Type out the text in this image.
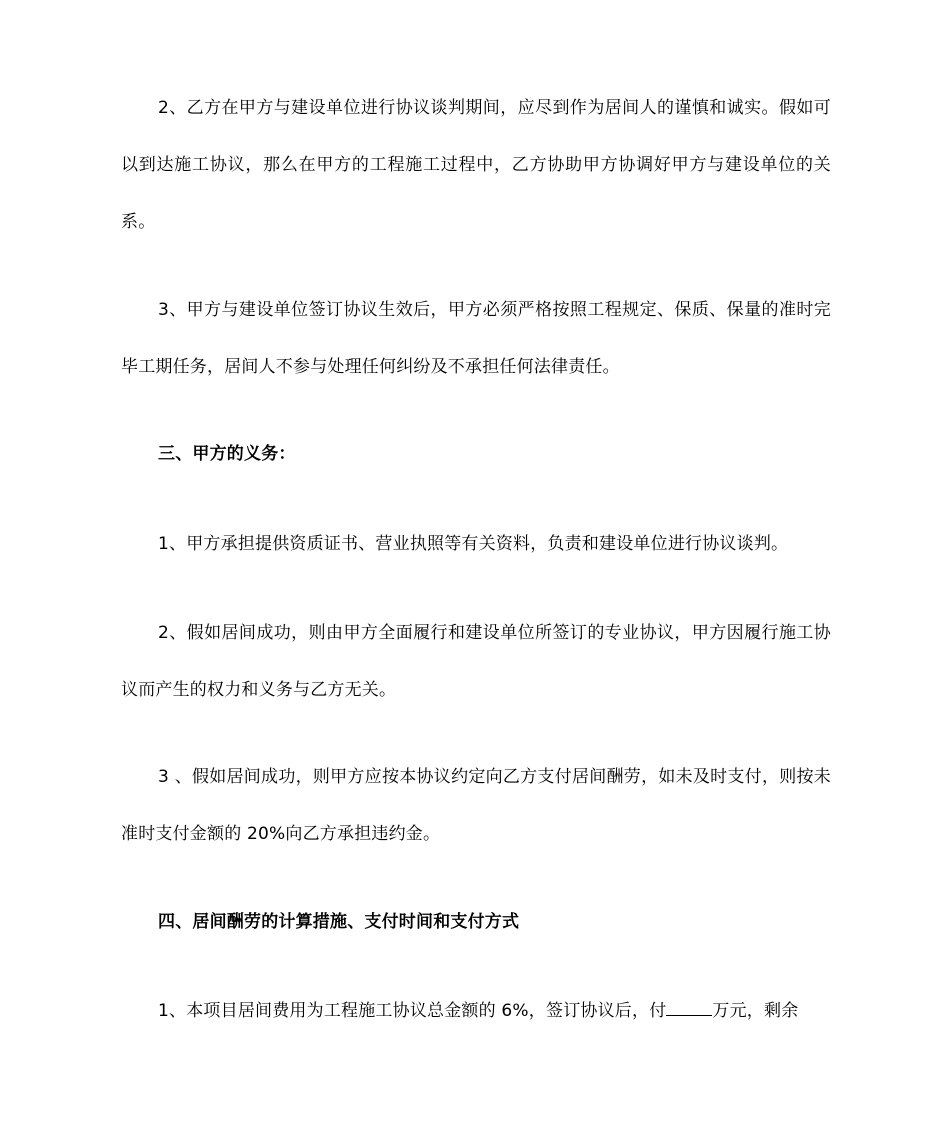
2、乙方在甲方与建设单位进行协议谈判期间，应尽到作为居间人的谨慎和诚实。假如可以到达施工协议，那么在甲方的工程施工过程中，乙方协助甲方协调好甲方与建设单位的关系。

3、甲方与建设单位签订协议生效后，甲方必须严格按照工程规定、保质、保量的准时完毕工期任务，居间人不参与处理任何纠纷及不承担任何法律责任。

三、甲方的义务：

1、甲方承担提供资质证书、营业执照等有关资料，负责和建设单位进行协议谈判。

2、假如居间成功，则由甲方全面履行和建设单位所签订的专业协议，甲方因履行施工协议而产生的权力和义务与乙方无关。

3 、假如居间成功，则甲方应按本协议约定向乙方支付居间酬劳，如未及时支付，则按未准时支付金额的 20%向乙方承担违约金。

四、居间酬劳的计算措施、支付时间和支付方式

1、本项目居间费用为工程施工协议总金额的 6%，签订协议后，付	万元，剩余
